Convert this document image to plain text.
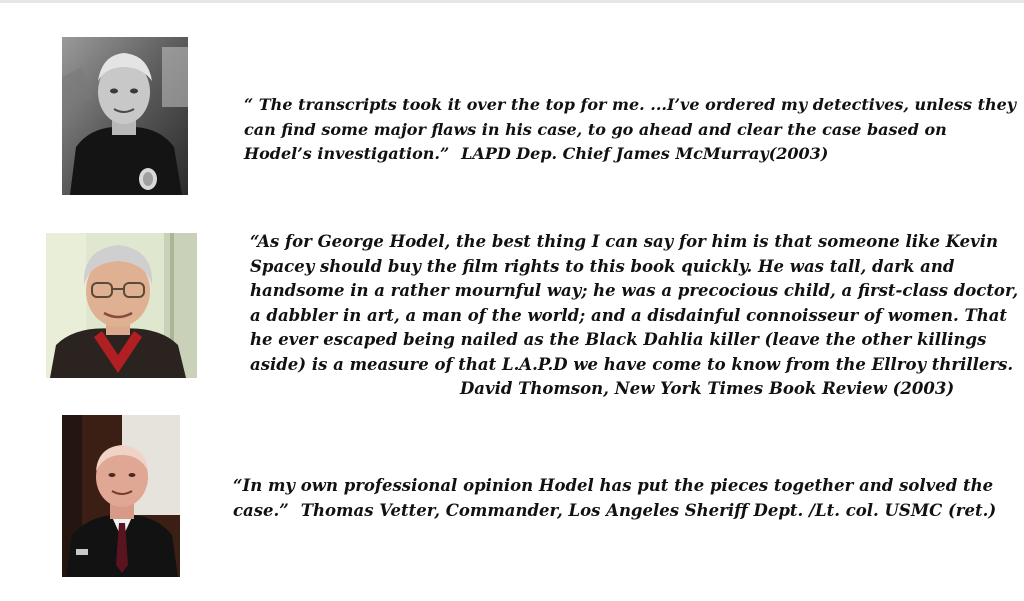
“ The transcripts took it over the top for me. ...I’ve ordered my detectives, unless they
can find some major flaws in his case, to go ahead and clear the case based on
Hodel’s investigation.” LAPD Dep. Chief James McMurray(2003)
“As for George Hodel, the best thing I can say for him is that someone like Kevin
Spacey should buy the film rights to this book quickly. He was tall, dark and
handsome in a rather mournful way; he was a precocious child, a first-class doctor,
a dabbler in art, a man of the world; and a disdainful connoisseur of women. That
he ever escaped being nailed as the Black Dahlia killer (leave the other killings
aside) is a measure of that L.A.P.D we have come to know from the Ellroy thrillers.
David Thomson, New York Times Book Review (2003)
“In my own professional opinion Hodel has put the pieces together and solved the
case.” Thomas Vetter, Commander, Los Angeles Sheriff Dept. /Lt. col. USMC (ret.)
